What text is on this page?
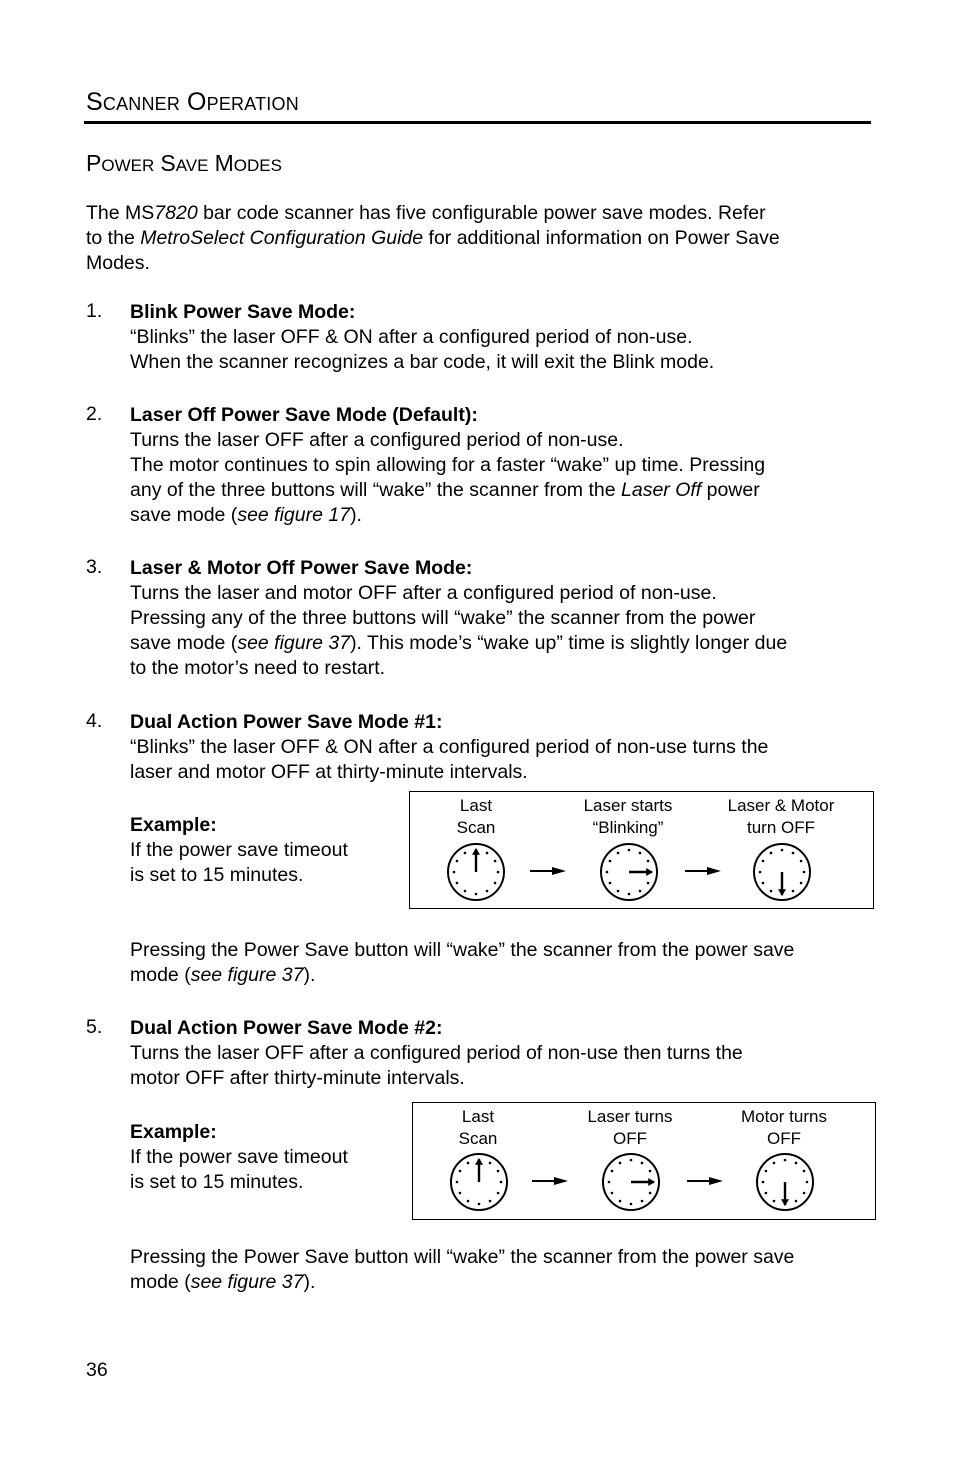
SCANNER OPERATION
POWER SAVE MODES
The MS7820 bar code scanner has five configurable power save modes. Refer
to the MetroSelect Configuration Guide for additional information on Power Save
Modes.
1. Blink Power Save Mode:
“Blinks” the laser OFF & ON after a configured period of non-use.
When the scanner recognizes a bar code, it will exit the Blink mode.
2. Laser Off Power Save Mode (Default):
Turns the laser OFF after a configured period of non-use.
The motor continues to spin allowing for a faster “wake” up time. Pressing
any of the three buttons will “wake” the scanner from the Laser Off power
save mode (see figure 17).
3. Laser & Motor Off Power Save Mode:
Turns the laser and motor OFF after a configured period of non-use.
Pressing any of the three buttons will “wake” the scanner from the power
save mode (see figure 37). This mode’s “wake up” time is slightly longer due
to the motor’s need to restart.
4. Dual Action Power Save Mode #1:
“Blinks” the laser OFF & ON after a configured period of non-use turns the
laser and motor OFF at thirty-minute intervals.
Example:
If the power save timeout
is set to 15 minutes.
Last
Scan
Laser starts
“Blinking”
Laser & Motor
turn OFF
Pressing the Power Save button will “wake” the scanner from the power save
mode (see figure 37).
5. Dual Action Power Save Mode #2:
Turns the laser OFF after a configured period of non-use then turns the
motor OFF after thirty-minute intervals.
Example:
If the power save timeout
is set to 15 minutes.
Last
Scan
Laser turns
OFF
Motor turns
OFF
Pressing the Power Save button will “wake” the scanner from the power save
mode (see figure 37).
36
